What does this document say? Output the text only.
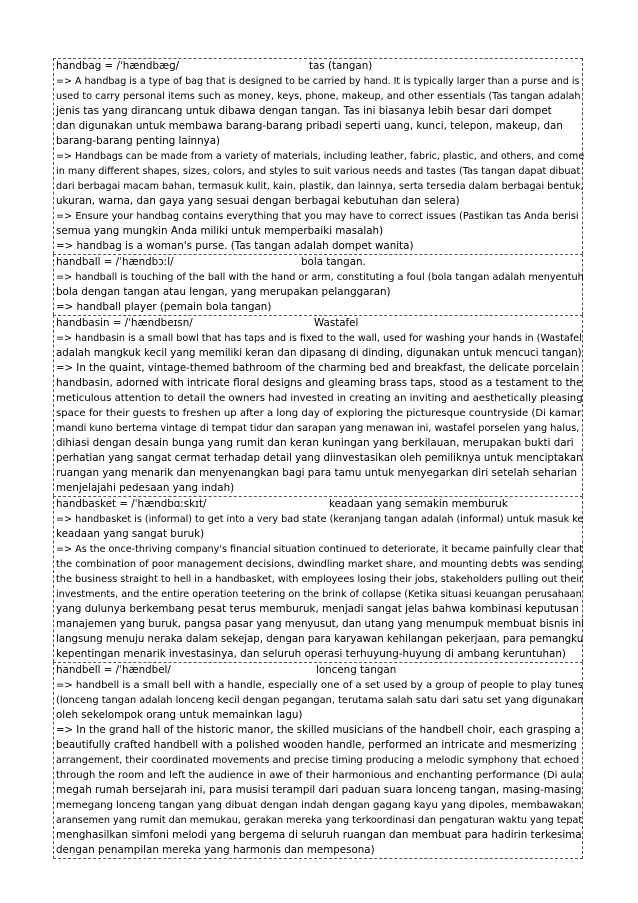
handbag = /ˈhændbæɡ/	tas (tangan)
=> A handbag is a type of bag that is designed to be carried by hand. It is typically larger than a purse and is
used to carry personal items such as money, keys, phone, makeup, and other essentials (Tas tangan adalah
jenis tas yang dirancang untuk dibawa dengan tangan. Tas ini biasanya lebih besar dari dompet
dan digunakan untuk membawa barang-barang pribadi seperti uang, kunci, telepon, makeup, dan
barang-barang penting lainnya)
=> Handbags can be made from a variety of materials, including leather, fabric, plastic, and others, and come
in many different shapes, sizes, colors, and styles to suit various needs and tastes (Tas tangan dapat dibuat
dari berbagai macam bahan, termasuk kulit, kain, plastik, dan lainnya, serta tersedia dalam berbagai bentuk,
ukuran, warna, dan gaya yang sesuai dengan berbagai kebutuhan dan selera)
=> Ensure your handbag contains everything that you may have to correct issues (Pastikan tas Anda berisi
semua yang mungkin Anda miliki untuk memperbaiki masalah)
=> handbag is a woman's purse. (Tas tangan adalah dompet wanita)
handball = /ˈhændbɔːl/	bola tangan.
=> handball is touching of the ball with the hand or arm, constituting a foul (bola tangan adalah menyentuh
bola dengan tangan atau lengan, yang merupakan pelanggaran)
=> handball player (pemain bola tangan)
handbasin = /ˈhændbeɪsn/	Wastafel
=> handbasin is a small bowl that has taps and is fixed to the wall, used for washing your hands in (Wastafel
adalah mangkuk kecil yang memiliki keran dan dipasang di dinding, digunakan untuk mencuci tangan)
=> In the quaint, vintage-themed bathroom of the charming bed and breakfast, the delicate porcelain
handbasin, adorned with intricate floral designs and gleaming brass taps, stood as a testament to the
meticulous attention to detail the owners had invested in creating an inviting and aesthetically pleasing
space for their guests to freshen up after a long day of exploring the picturesque countryside (Di kamar
mandi kuno bertema vintage di tempat tidur dan sarapan yang menawan ini, wastafel porselen yang halus,
dihiasi dengan desain bunga yang rumit dan keran kuningan yang berkilauan, merupakan bukti dari
perhatian yang sangat cermat terhadap detail yang diinvestasikan oleh pemiliknya untuk menciptakan
ruangan yang menarik dan menyenangkan bagi para tamu untuk menyegarkan diri setelah seharian
menjelajahi pedesaan yang indah)
handbasket = /ˈhændbɑːskɪt/	keadaan yang semakin memburuk
=> handbasket is (informal) to get into a very bad state (keranjang tangan adalah (informal) untuk masuk ke
keadaan yang sangat buruk)
=> As the once-thriving company's financial situation continued to deteriorate, it became painfully clear that
the combination of poor management decisions, dwindling market share, and mounting debts was sending
the business straight to hell in a handbasket, with employees losing their jobs, stakeholders pulling out their
investments, and the entire operation teetering on the brink of collapse (Ketika situasi keuangan perusahaan
yang dulunya berkembang pesat terus memburuk, menjadi sangat jelas bahwa kombinasi keputusan
manajemen yang buruk, pangsa pasar yang menyusut, dan utang yang menumpuk membuat bisnis ini
langsung menuju neraka dalam sekejap, dengan para karyawan kehilangan pekerjaan, para pemangku
kepentingan menarik investasinya, dan seluruh operasi terhuyung-huyung di ambang keruntuhan)
handbell = /ˈhændbel/	lonceng tangan
=> handbell is a small bell with a handle, especially one of a set used by a group of people to play tunes
(lonceng tangan adalah lonceng kecil dengan pegangan, terutama salah satu dari satu set yang digunakan
oleh sekelompok orang untuk memainkan lagu)
=> In the grand hall of the historic manor, the skilled musicians of the handbell choir, each grasping a
beautifully crafted handbell with a polished wooden handle, performed an intricate and mesmerizing
arrangement, their coordinated movements and precise timing producing a melodic symphony that echoed
through the room and left the audience in awe of their harmonious and enchanting performance (Di aula
megah rumah bersejarah ini, para musisi terampil dari paduan suara lonceng tangan, masing-masing
memegang lonceng tangan yang dibuat dengan indah dengan gagang kayu yang dipoles, membawakan
aransemen yang rumit dan memukau, gerakan mereka yang terkoordinasi dan pengaturan waktu yang tepat
menghasilkan simfoni melodi yang bergema di seluruh ruangan dan membuat para hadirin terkesima
dengan penampilan mereka yang harmonis dan mempesona)
